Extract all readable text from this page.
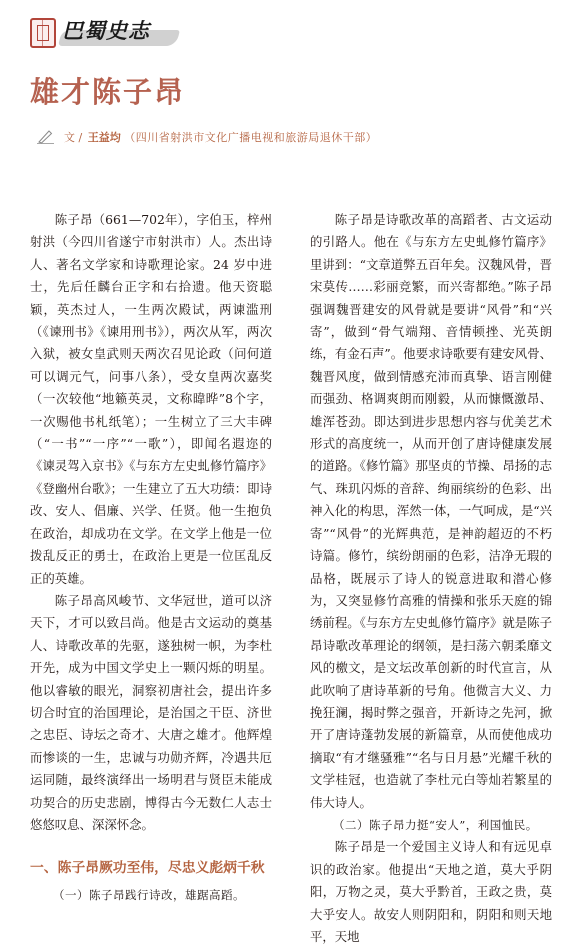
巴蜀史志
雄才陈子昂
文 / 王益均 （四川省射洪市文化广播电视和旅游局退休干部）

陈子昂（661—702年），字伯玉，梓州射洪（今四川省遂宁市射洪市）人。杰出诗人、著名文学家和诗歌理论家。24 岁中进士，先后任麟台正字和右拾遗。他天资聪颖，英杰过人，一生两次殿试，两谏滥刑（《谏刑书》《谏用刑书》），两次从军，两次入狱，被女皇武则天两次召见论政（问何道可以调元气，问事八条），受女皇两次嘉奖（一次较他“地籁英灵，文称暐晔”8个字，一次赐他书札纸笔）；一生树立了三大丰碑（“一书”“一序”“一歌”），即闻名遐迩的《谏灵驾入京书》《与东方左史虬修竹篇序》《登幽州台歌》；一生建立了五大功绩：即诗改、安人、倡廉、兴学、任贤。他一生抱负在政治，却成功在文学。在文学上他是一位拨乱反正的勇士，在政治上更是一位匡乱反正的英雄。

陈子昂高风峻节、文华冠世，道可以济天下，才可以致吕尚。他是古文运动的奠基人、诗歌改革的先驱，遂独树一帜，为李杜开先，成为中国文学史上一颗闪烁的明星。他以睿敏的眼光，洞察初唐社会，提出许多切合时宜的治国理论，是治国之干臣、济世之忠臣、诗坛之奇才、大唐之雄才。他辉煌而惨谈的一生，忠诚与功勋齐辉，冷遇共厄运同随，最终演绎出一场明君与贤臣未能成功契合的历史悲剧，博得古今无数仁人志士悠悠叹息、深深怀念。

一、陈子昂厥功至伟，尽忠义彪炳千秋

（一）陈子昂践行诗改，雄踞高蹈。

陈子昂是诗歌改革的高蹈者、古文运动的引路人。他在《与东方左史虬修竹篇序》里讲到：“文章道弊五百年矣。汉魏风骨，晋宋莫传……彩丽竞繁，而兴寄都绝。”陈子昂强调魏晋建安的风骨就是要讲“风骨”和“兴寄”，做到“骨气端翔、音情顿挫、光英朗练，有金石声”。他要求诗歌要有建安风骨、魏晋风度，做到情感充沛而真挚、语言刚健而强劲、格调爽朗而刚毅，从而慷慨激昂、雄浑苍劲。即达到进步思想内容与优美艺术形式的高度统一，从而开创了唐诗健康发展的道路。《修竹篇》那坚贞的节操、昂扬的志气、珠玑闪烁的音辞、绚丽缤纷的色彩、出神入化的构思，浑然一体，一气呵成，是“兴寄”“风骨”的光辉典范，是神韵超迈的不朽诗篇。修竹，缤纷朗丽的色彩，洁净无瑕的品格，既展示了诗人的锐意进取和潜心修为，又突显修竹高雅的情操和张乐天庭的锦绣前程。《与东方左史虬修竹篇序》就是陈子昂诗歌改革理论的纲领，是扫荡六朝柔靡文风的檄文，是文坛改革创新的时代宣言，从此吹响了唐诗革新的号角。他微言大义、力挽狂澜，揭时弊之强音，开新诗之先河，掀开了唐诗蓬勃发展的新篇章，从而使他成功摘取“有才继骚雅”“名与日月悬”光耀千秋的文学桂冠，也造就了李杜元白等灿若繁星的伟大诗人。

（二）陈子昂力挺“安人”，利国恤民。

陈子昂是一个爱国主义诗人和有远见卓识的政治家。他提出“天地之道，莫大乎阴阳，万物之灵，莫大乎黔首，王政之贵，莫大乎安人。故安人则阴阳和，阴阳和则天地平，天地
